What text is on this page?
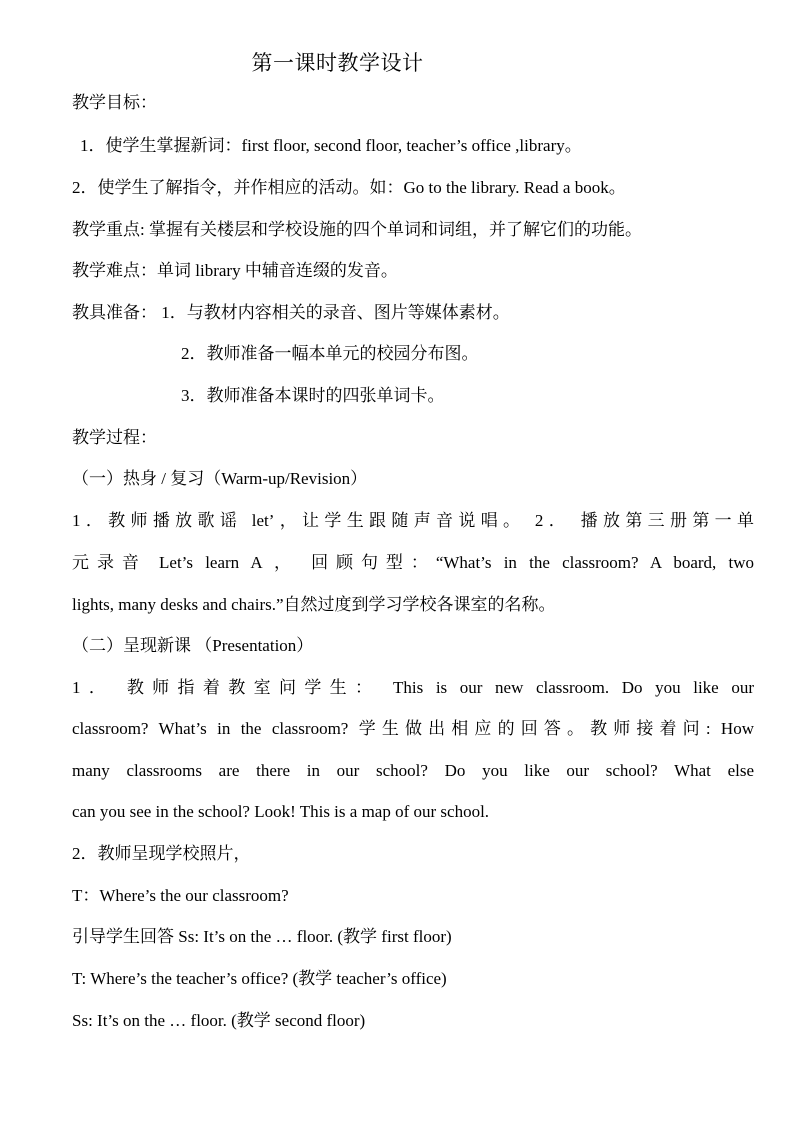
第一课时教学设计
教学目标：
1．使学生掌握新词：first floor, second floor, teacher’s office ,library。
2．使学生了解指令，并作相应的活动。如：Go to the library. Read a book。
教学重点: 掌握有关楼层和学校设施的四个单词和词组，并了解它们的功能。
教学难点：单词 library 中辅音连缀的发音。
教具准备： 1．与教材内容相关的录音、图片等媒体素材。
2．教师准备一幅本单元的校园分布图。
3．教师准备本课时的四张单词卡。
教学过程：
（一）热身 / 复习（Warm-up/Revision）
1．教师播放歌谣 let’，让学生跟随声音说唱。 2． 播放第三册第一单
元录音 Let’s learn A ， 回顾句型：“What’s in the classroom? A board, two
lights, many desks and chairs.”自然过度到学习学校各课室的名称。
（二）呈现新课 （Presentation）
1． 教师指着教室问学生： This is our new classroom. Do you like our
classroom? What’s in the classroom? 学生做出相应的回答。教师接着问: How
many classrooms are there in our school? Do you like our school? What else
can you see in the school? Look! This is a map of our school.
2．教师呈现学校照片，
T：Where’s the our classroom?
引导学生回答 Ss: It’s on the … floor. (教学 first floor)
T: Where’s the teacher’s office? (教学 teacher’s office)
Ss: It’s on the … floor. (教学 second floor)
